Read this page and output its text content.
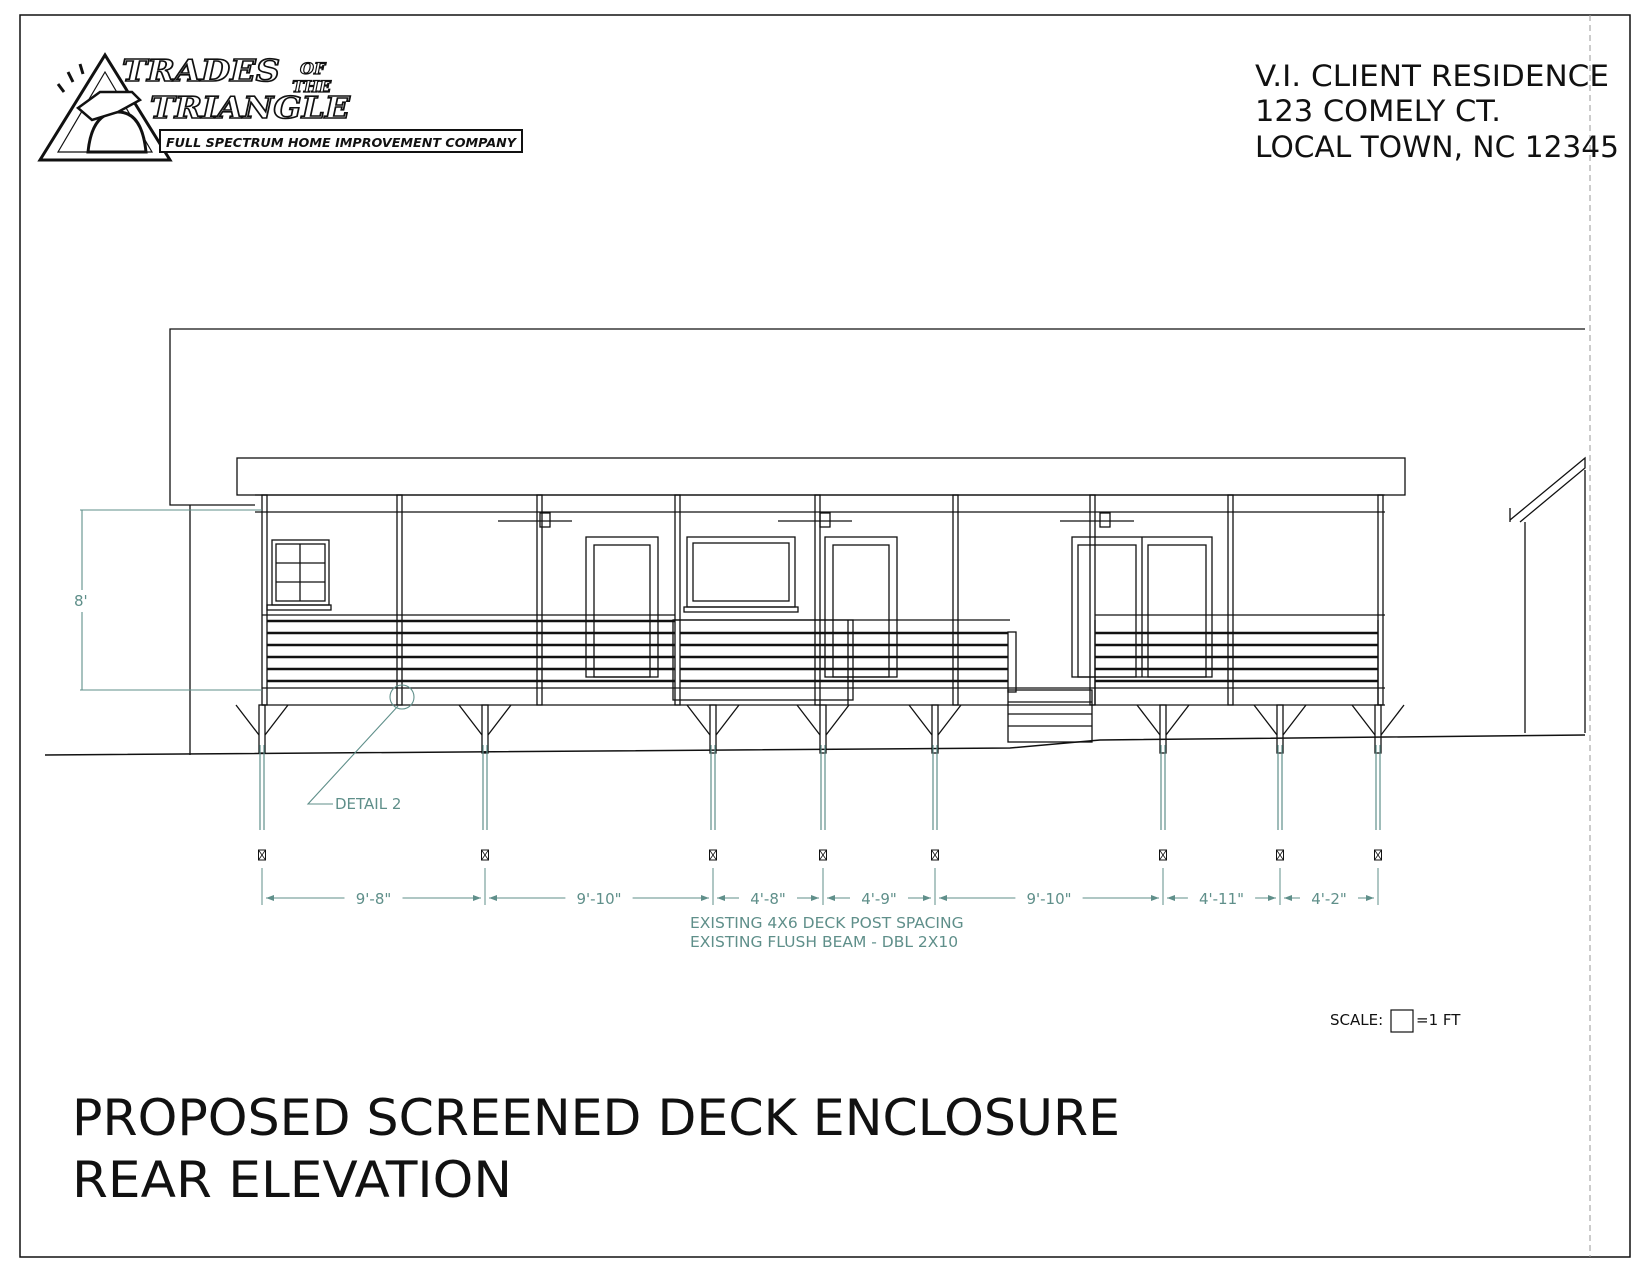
TRADES OF
THE
TRIANGLE
FULL SPECTRUM HOME IMPROVEMENT COMPANY
V.I. CLIENT RESIDENCE
123 COMELY CT.
LOCAL TOWN, NC 12345
8'
DETAIL 2
9'-8"	9'-10"	4'-8"	4'-9"	9'-10"	4'-11"	4'-2"
EXISTING 4X6 DECK POST SPACING
EXISTING FLUSH BEAM - DBL 2X10
SCALE: =1 FT
PROPOSED SCREENED DECK ENCLOSURE
REAR ELEVATION
